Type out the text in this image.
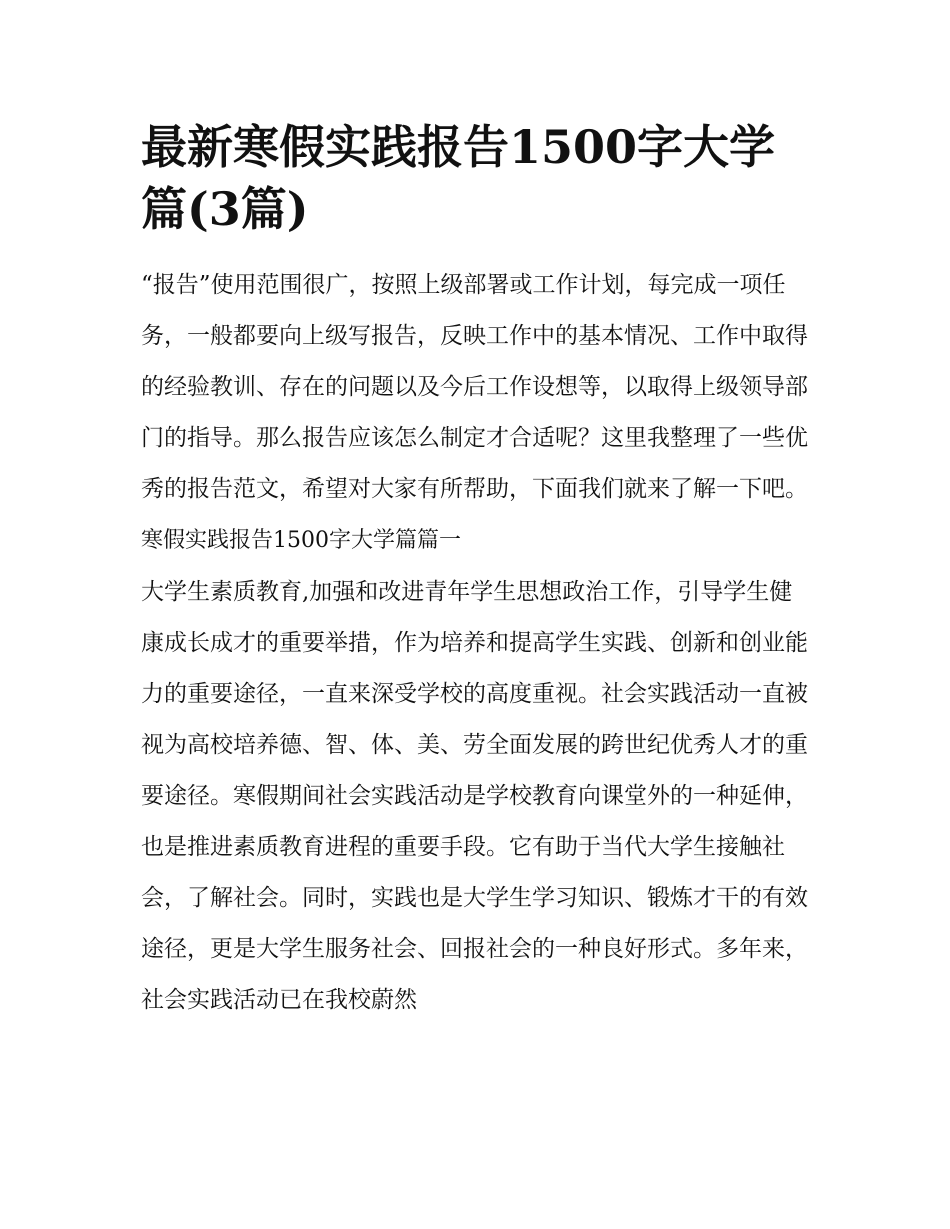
最新寒假实践报告1500字大学篇(3篇)

“报告”使用范围很广，按照上级部署或工作计划，每完成一项任务，一般都要向上级写报告，反映工作中的基本情况、工作中取得的经验教训、存在的问题以及今后工作设想等，以取得上级领导部门的指导。那么报告应该怎么制定才合适呢？这里我整理了一些优秀的报告范文，希望对大家有所帮助，下面我们就来了解一下吧。

寒假实践报告1500字大学篇篇一

大学生素质教育,加强和改进青年学生思想政治工作，引导学生健康成长成才的重要举措，作为培养和提高学生实践、创新和创业能力的重要途径，一直来深受学校的高度重视。社会实践活动一直被视为高校培养德、智、体、美、劳全面发展的跨世纪优秀人才的重要途径。寒假期间社会实践活动是学校教育向课堂外的一种延伸，也是推进素质教育进程的重要手段。它有助于当代大学生接触社会，了解社会。同时，实践也是大学生学习知识、锻炼才干的有效途径，更是大学生服务社会、回报社会的一种良好形式。多年来，社会实践活动已在我校蔚然
